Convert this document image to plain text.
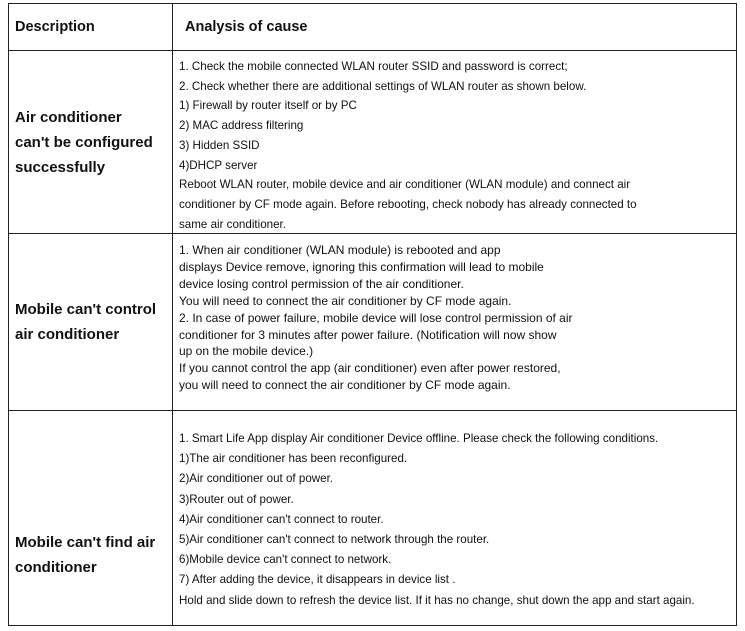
Description	Analysis of cause
Air conditioner
can't be configured
successfully
1. Check the mobile connected WLAN router SSID and password is correct;
2. Check whether there are additional settings of WLAN router as shown below.
1) Firewall by router itself or by PC
2) MAC address filtering
3) Hidden SSID
4)DHCP server
Reboot WLAN router, mobile device and air conditioner (WLAN module) and connect air
conditioner by CF mode again. Before rebooting, check nobody has already connected to
same air conditioner.
Mobile can't control
air conditioner
1. When air conditioner (WLAN module) is rebooted and app
displays Device remove, ignoring this confirmation will lead to mobile
device losing control permission of the air conditioner.
You will need to connect the air conditioner by CF mode again.
2. In case of power failure, mobile device will lose control permission of air
conditioner for 3 minutes after power failure. (Notification will now show
up on the mobile device.)
If you cannot control the app (air conditioner) even after power restored,
you will need to connect the air conditioner by CF mode again.
Mobile can't find air
conditioner
1. Smart Life App display Air conditioner Device offline. Please check the following conditions.
1)The air conditioner has been reconfigured.
2)Air conditioner out of power.
3)Router out of power.
4)Air conditioner can't connect to router.
5)Air conditioner can't connect to network through the router.
6)Mobile device can't connect to network.
7) After adding the device, it disappears in device list .
Hold and slide down to refresh the device list. If it has no change, shut down the app and start again.
